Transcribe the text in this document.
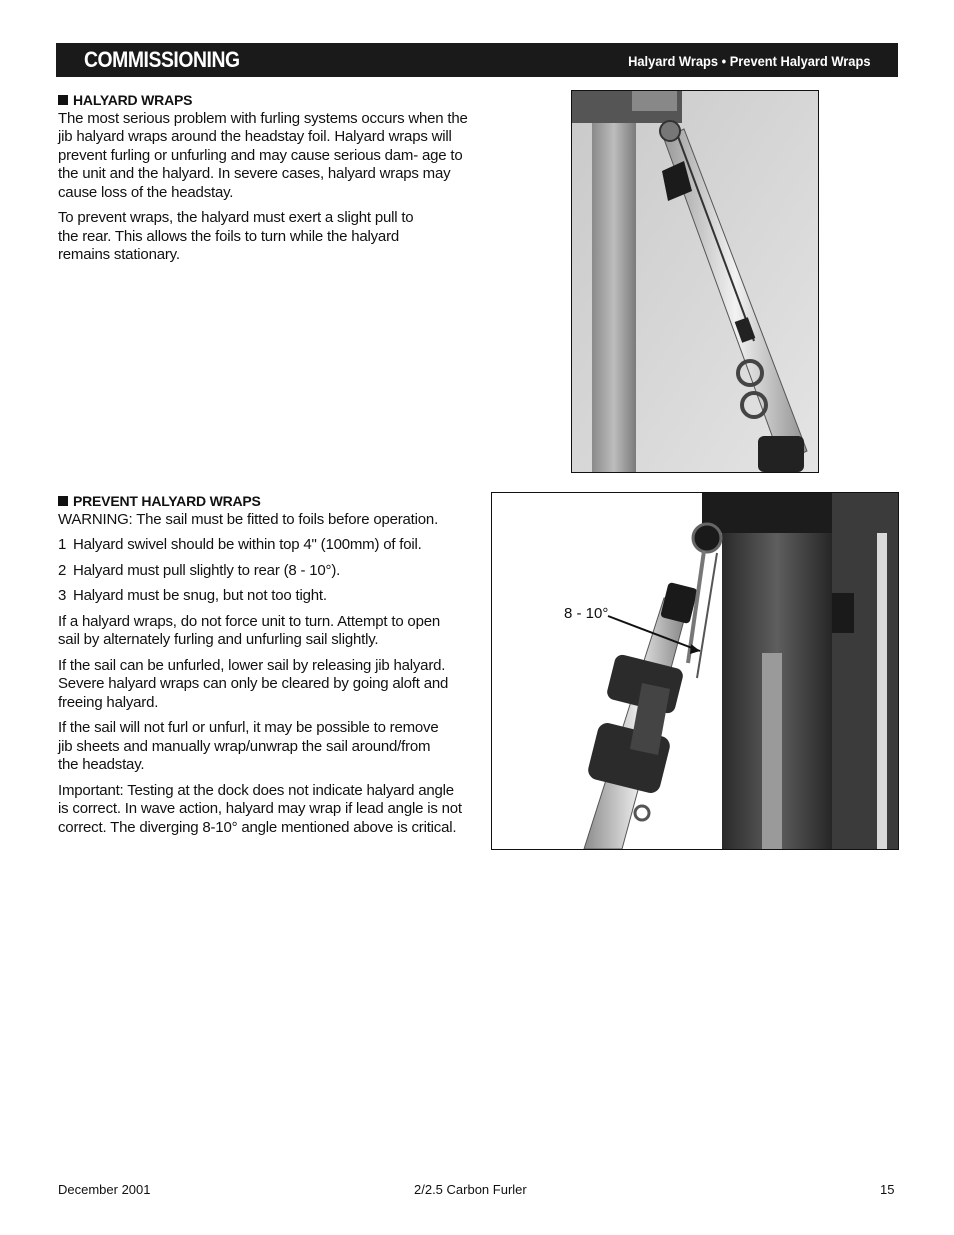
COMMISSIONING	Halyard Wraps • Prevent Halyard Wraps
HALYARD WRAPS

The most serious problem with furling systems occurs when the jib halyard wraps around the headstay foil. Halyard wraps will prevent furling or unfurling and may cause serious dam- age to the unit and the halyard. In severe cases, halyard wraps may cause loss of the headstay.

To prevent wraps, the halyard must exert a slight pull to the rear. This allows the foils to turn while the halyard remains stationary.

PREVENT HALYARD WRAPS

WARNING: The sail must be fitted to foils before operation.

1 Halyard swivel should be within top 4" (100mm) of foil.

2 Halyard must pull slightly to rear (8 - 10°).

3 Halyard must be snug, but not too tight.

If a halyard wraps, do not force unit to turn. Attempt to open sail by alternately furling and unfurling sail slightly.

If the sail can be unfurled, lower sail by releasing jib halyard. Severe halyard wraps can only be cleared by going aloft and freeing halyard.

If the sail will not furl or unfurl, it may be possible to remove jib sheets and manually wrap/unwrap the sail around/from the headstay.

Important: Testing at the dock does not indicate halyard angle is correct. In wave action, halyard may wrap if lead angle is not correct. The diverging 8-10° angle mentioned above is critical.

8 - 10°
December 2001	2/2.5 Carbon Furler	15
